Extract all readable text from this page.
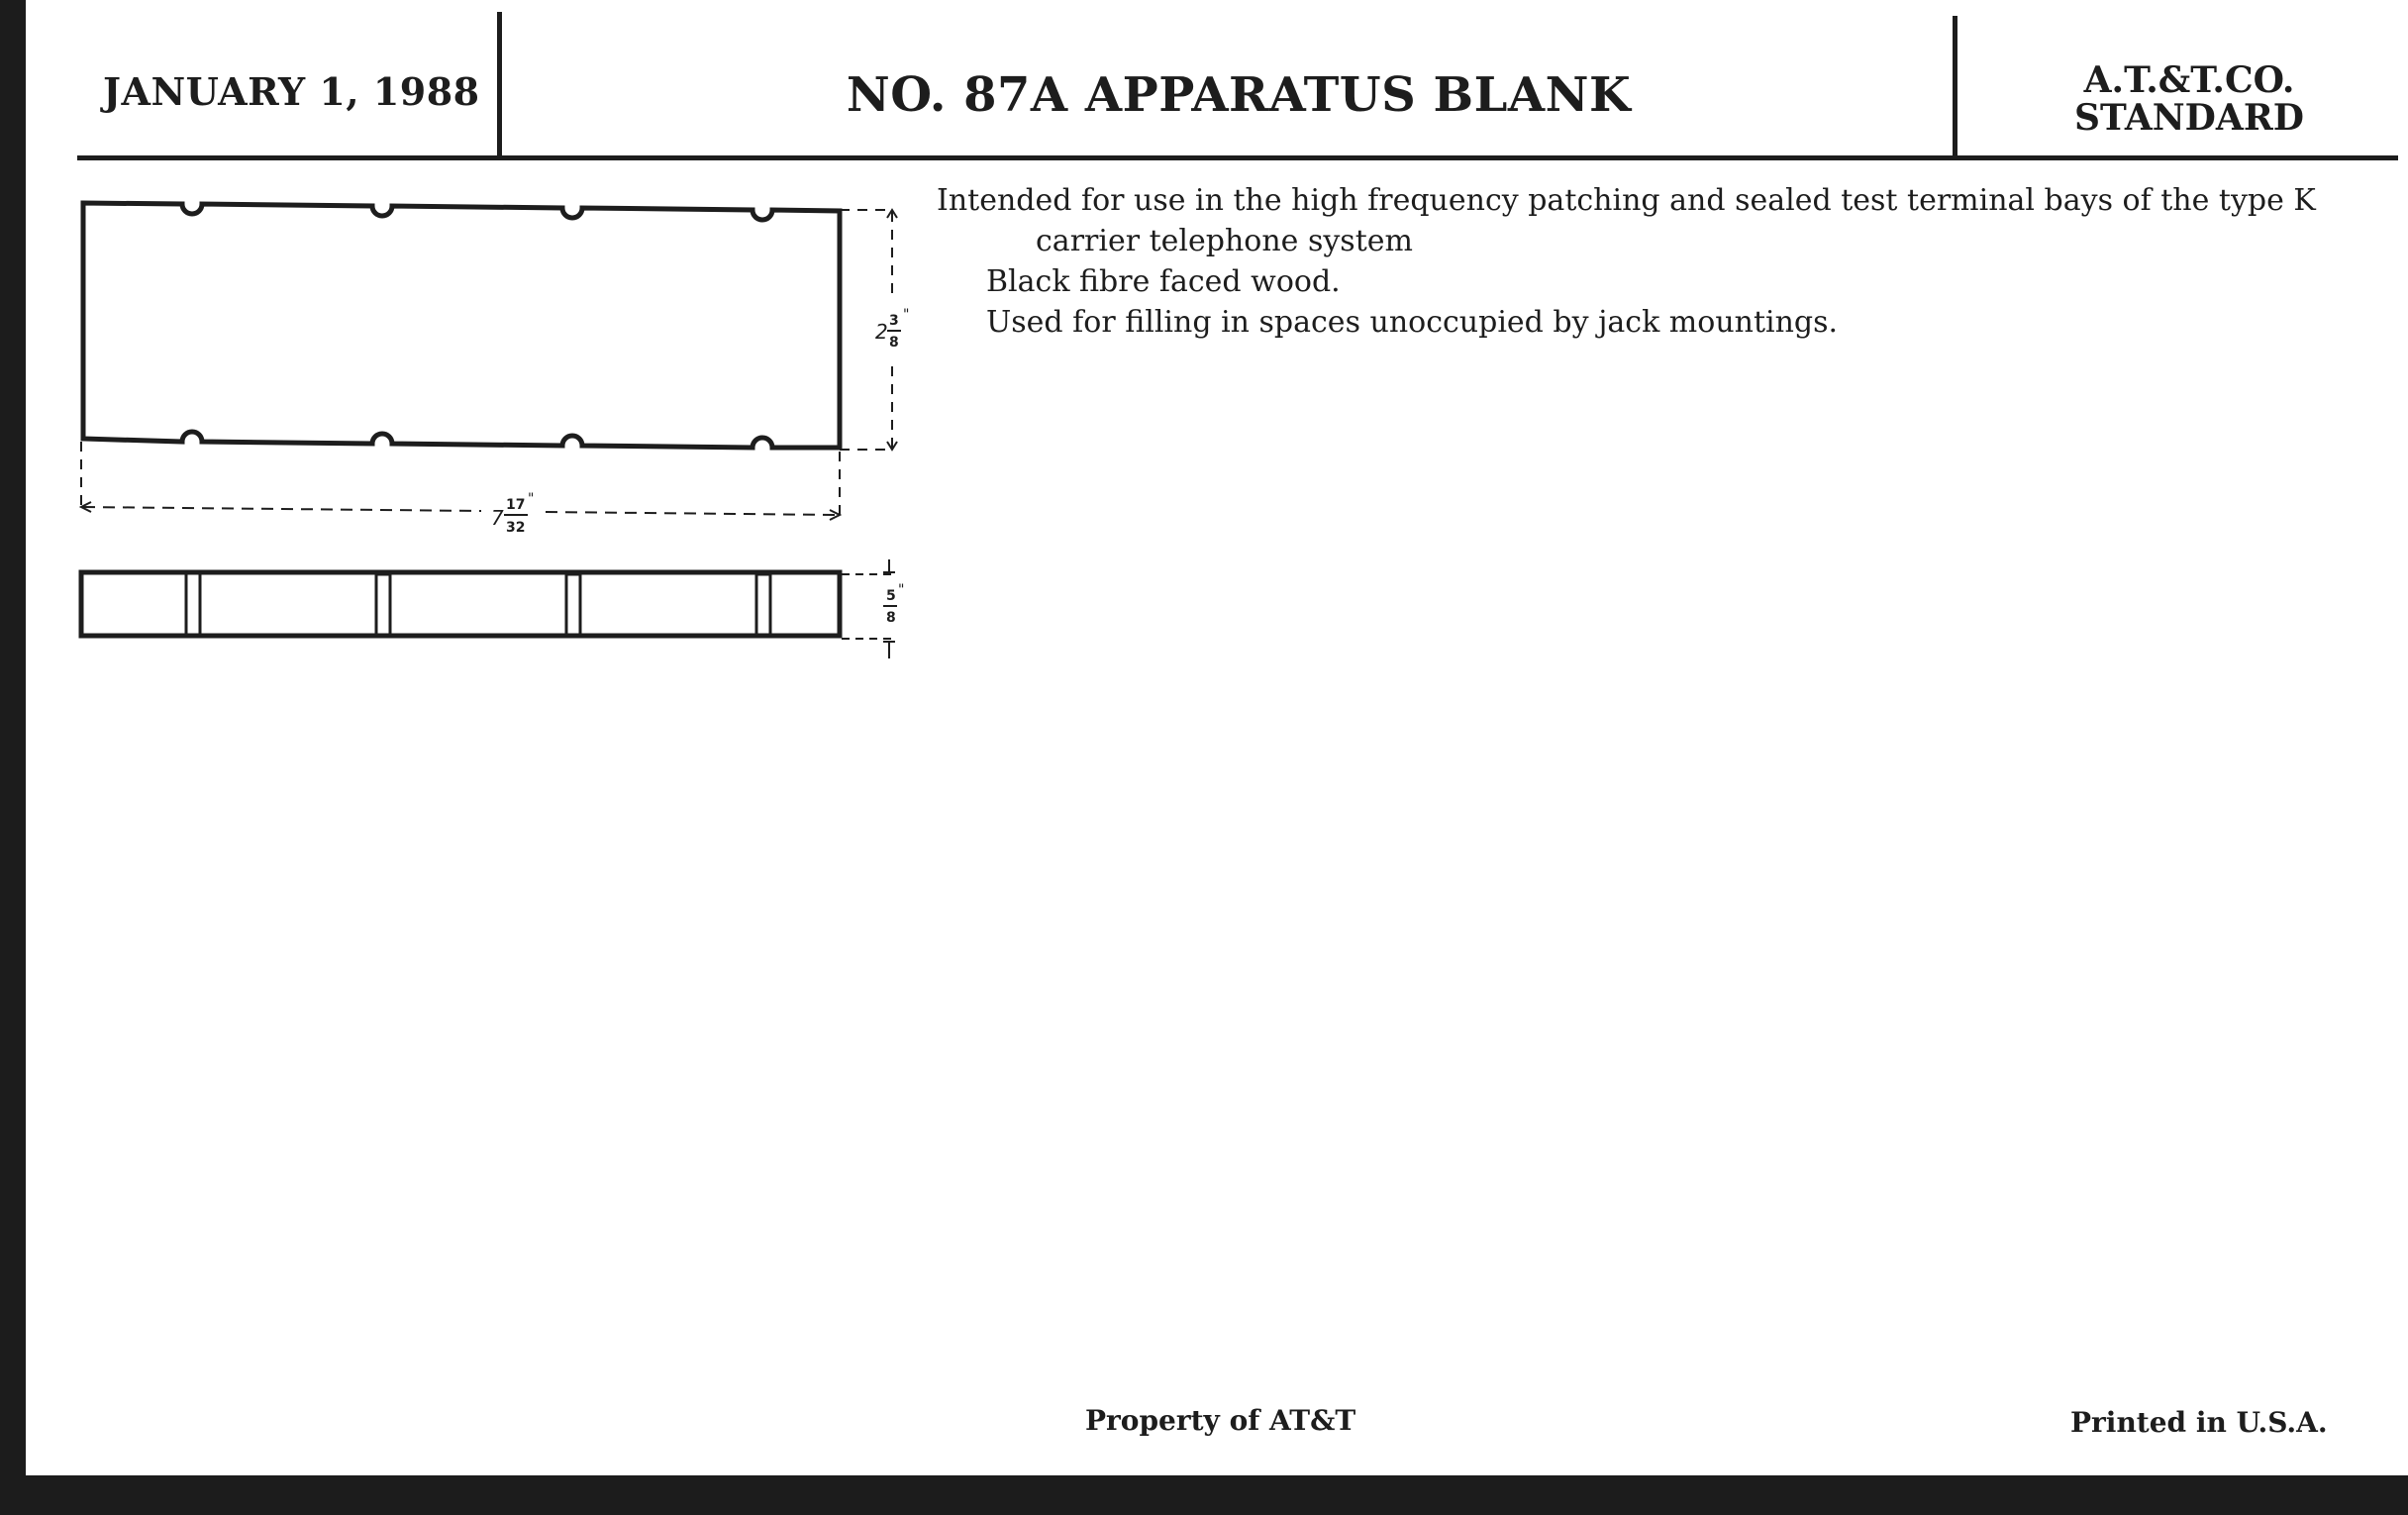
JANUARY 1, 1988	NO. 87A APPARATUS BLANK	A.T.&T.CO.
STANDARD
2 3
8
"
7
17
32
"
5
8
"
Intended for use in the high frequency patching and sealed test terminal bays of the type K carrier telephone system
Black fibre faced wood.
Used for filling in spaces unoccupied by jack mountings.
Property of AT&T	Printed in U.S.A.
